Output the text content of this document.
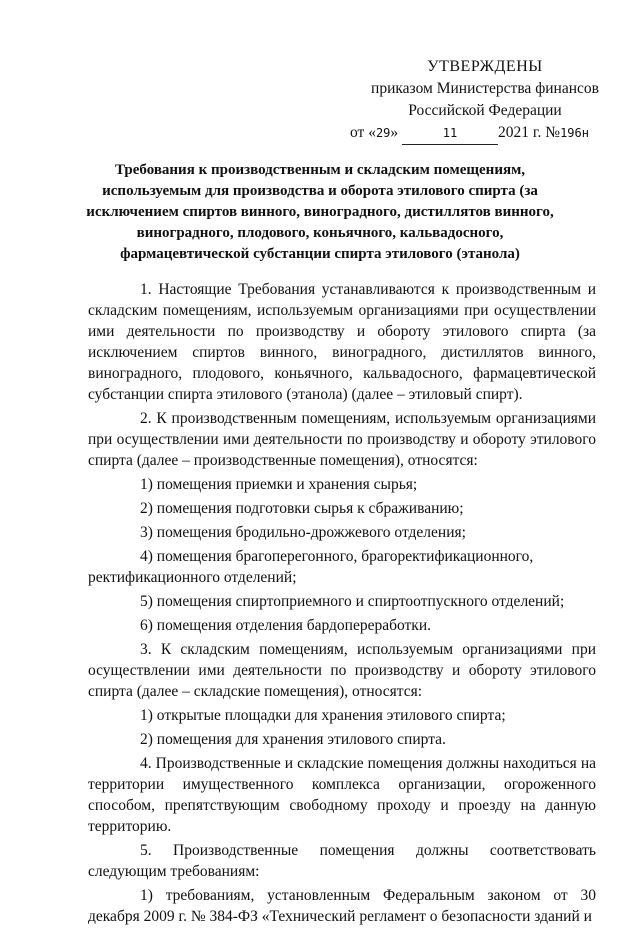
УТВЕРЖДЕНЫ
приказом Министерства финансов
Российской Федерации
от «29»	11	2021 г. №196н
Требования к производственным и складским помещениям,
используемым для производства и оборота этилового спирта (за
исключением спиртов винного, виноградного, дистиллятов винного,
виноградного, плодового, коньячного, кальвадосного,
фармацевтической субстанции спирта этилового (этанола)

1. Настоящие Требования устанавливаются к производственным и складским помещениям, используемым организациями при осуществлении ими деятельности по производству и обороту этилового спирта (за исключением спиртов винного, виноградного, дистиллятов винного, виноградного, плодового, коньячного, кальвадосного, фармацевтической субстанции спирта этилового (этанола) (далее – этиловый спирт).

2. К производственным помещениям, используемым организациями при осуществлении ими деятельности по производству и обороту этилового спирта (далее – производственные помещения), относятся:

1) помещения приемки и хранения сырья;

2) помещения подготовки сырья к сбраживанию;

3) помещения бродильно-дрожжевого отделения;

4) помещения брагоперегонного, брагоректификационного, ректификационного отделений;

5) помещения спиртоприемного и спиртоотпускного отделений;

6) помещения отделения бардопереработки.

3. К складским помещениям, используемым организациями при осуществлении ими деятельности по производству и обороту этилового спирта (далее – складские помещения), относятся:

1) открытые площадки для хранения этилового спирта;

2) помещения для хранения этилового спирта.

4. Производственные и складские помещения должны находиться на территории имущественного комплекса организации, огороженного способом, препятствующим свободному проходу и проезду на данную территорию.

5. Производственные помещения должны соответствовать следующим требованиям:

1) требованиям, установленным Федеральным законом от 30 декабря 2009 г. № 384-ФЗ «Технический регламент о безопасности зданий и
